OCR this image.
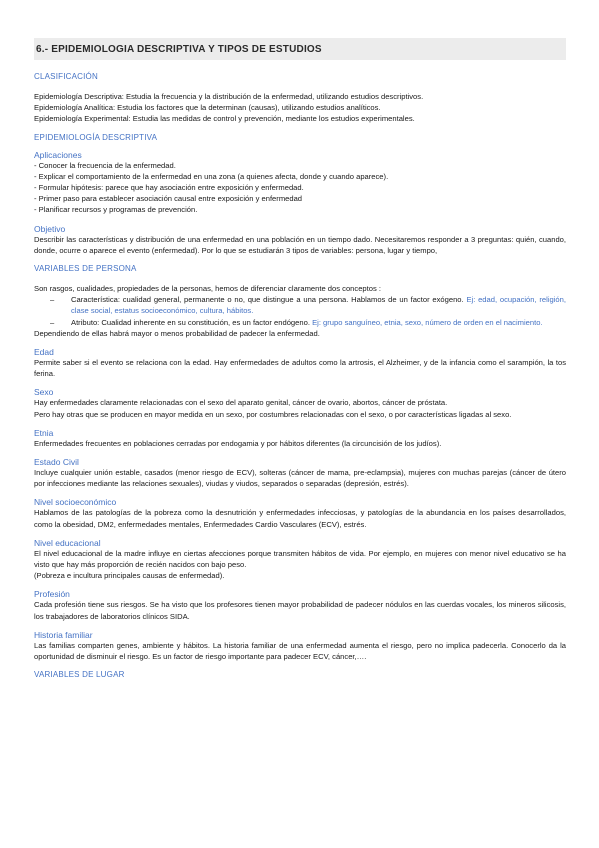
6.- EPIDEMIOLOGIA DESCRIPTIVA Y TIPOS DE ESTUDIOS

CLASIFICACIÓN

Epidemiología Descriptiva: Estudia la frecuencia y la distribución de la enfermedad, utilizando estudios descriptivos.

Epidemiología Analítica: Estudia los factores que la determinan (causas), utilizando estudios analíticos.

Epidemiología Experimental: Estudia las medidas de control y prevención, mediante los estudios experimentales.

EPIDEMIOLOGÍA DESCRIPTIVA

Aplicaciones

- Conocer la frecuencia de la enfermedad.

- Explicar el comportamiento de la enfermedad en una zona (a quienes afecta, donde y cuando aparece).

- Formular hipótesis: parece que hay asociación entre exposición y enfermedad.

- Primer paso para establecer asociación causal entre exposición y enfermedad

- Planificar recursos y programas de prevención.

Objetivo

Describir las características y distribución de una enfermedad en una población en un tiempo dado. Necesitaremos responder a 3 preguntas: quién, cuando, donde, ocurre o aparece el evento (enfermedad). Por lo que se estudiarán 3 tipos de variables: persona, lugar y tiempo,

VARIABLES DE PERSONA

Son rasgos, cualidades, propiedades de la personas, hemos de diferenciar claramente dos conceptos :

– Característica: cualidad general, permanente o no, que distingue a una persona. Hablamos de un factor exógeno. Ej: edad, ocupación, religión, clase social, estatus socioeconómico, cultura, hábitos.
– Atributo: Cualidad inherente en su constitución, es un factor endógeno. Ej: grupo sanguíneo, etnia, sexo, número de orden en el nacimiento.

Dependiendo de ellas habrá mayor o menos probabilidad de padecer la enfermedad.

Edad

Permite saber si el evento se relaciona con la edad. Hay enfermedades de adultos como la artrosis, el Alzheimer, y de la infancia como el sarampión, la tos ferina.

Sexo

Hay enfermedades claramente relacionadas con el sexo del aparato genital, cáncer de ovario, abortos, cáncer de próstata.

Pero hay otras que se producen en mayor medida en un sexo, por costumbres relacionadas con el sexo, o por características ligadas al sexo.

Etnia

Enfermedades frecuentes en poblaciones cerradas por endogamia y por hábitos diferentes (la circuncisión de los judíos).

Estado Civil

Incluye cualquier unión estable, casados (menor riesgo de ECV), solteras (cáncer de mama, pre-eclampsia), mujeres con muchas parejas (cáncer de útero por infecciones mediante las relaciones sexuales), viudas y viudos, separados o separadas (depresión, estrés).

Nivel socioeconómico

Hablamos de las patologías de la pobreza como la desnutrición y enfermedades infecciosas, y patologías de la abundancia en los países desarrollados, como la obesidad, DM2, enfermedades mentales, Enfermedades Cardio Vasculares (ECV), estrés.

Nivel educacional

El nivel educacional de la madre influye en ciertas afecciones porque transmiten hábitos de vida. Por ejemplo, en mujeres con menor nivel educativo se ha visto que hay más proporción de recién nacidos con bajo peso.

(Pobreza e incultura principales causas de enfermedad).

Profesión

Cada profesión tiene sus riesgos. Se ha visto que los profesores tienen mayor probabilidad de padecer nódulos en las cuerdas vocales, los mineros silicosis, los trabajadores de laboratorios clínicos SIDA.

Historia familiar

Las familias comparten genes, ambiente y hábitos. La historia familiar de una enfermedad aumenta el riesgo, pero no implica padecerla. Conocerlo da la oportunidad de disminuir el riesgo. Es un factor de riesgo importante para padecer ECV, cáncer,….

VARIABLES DE LUGAR
